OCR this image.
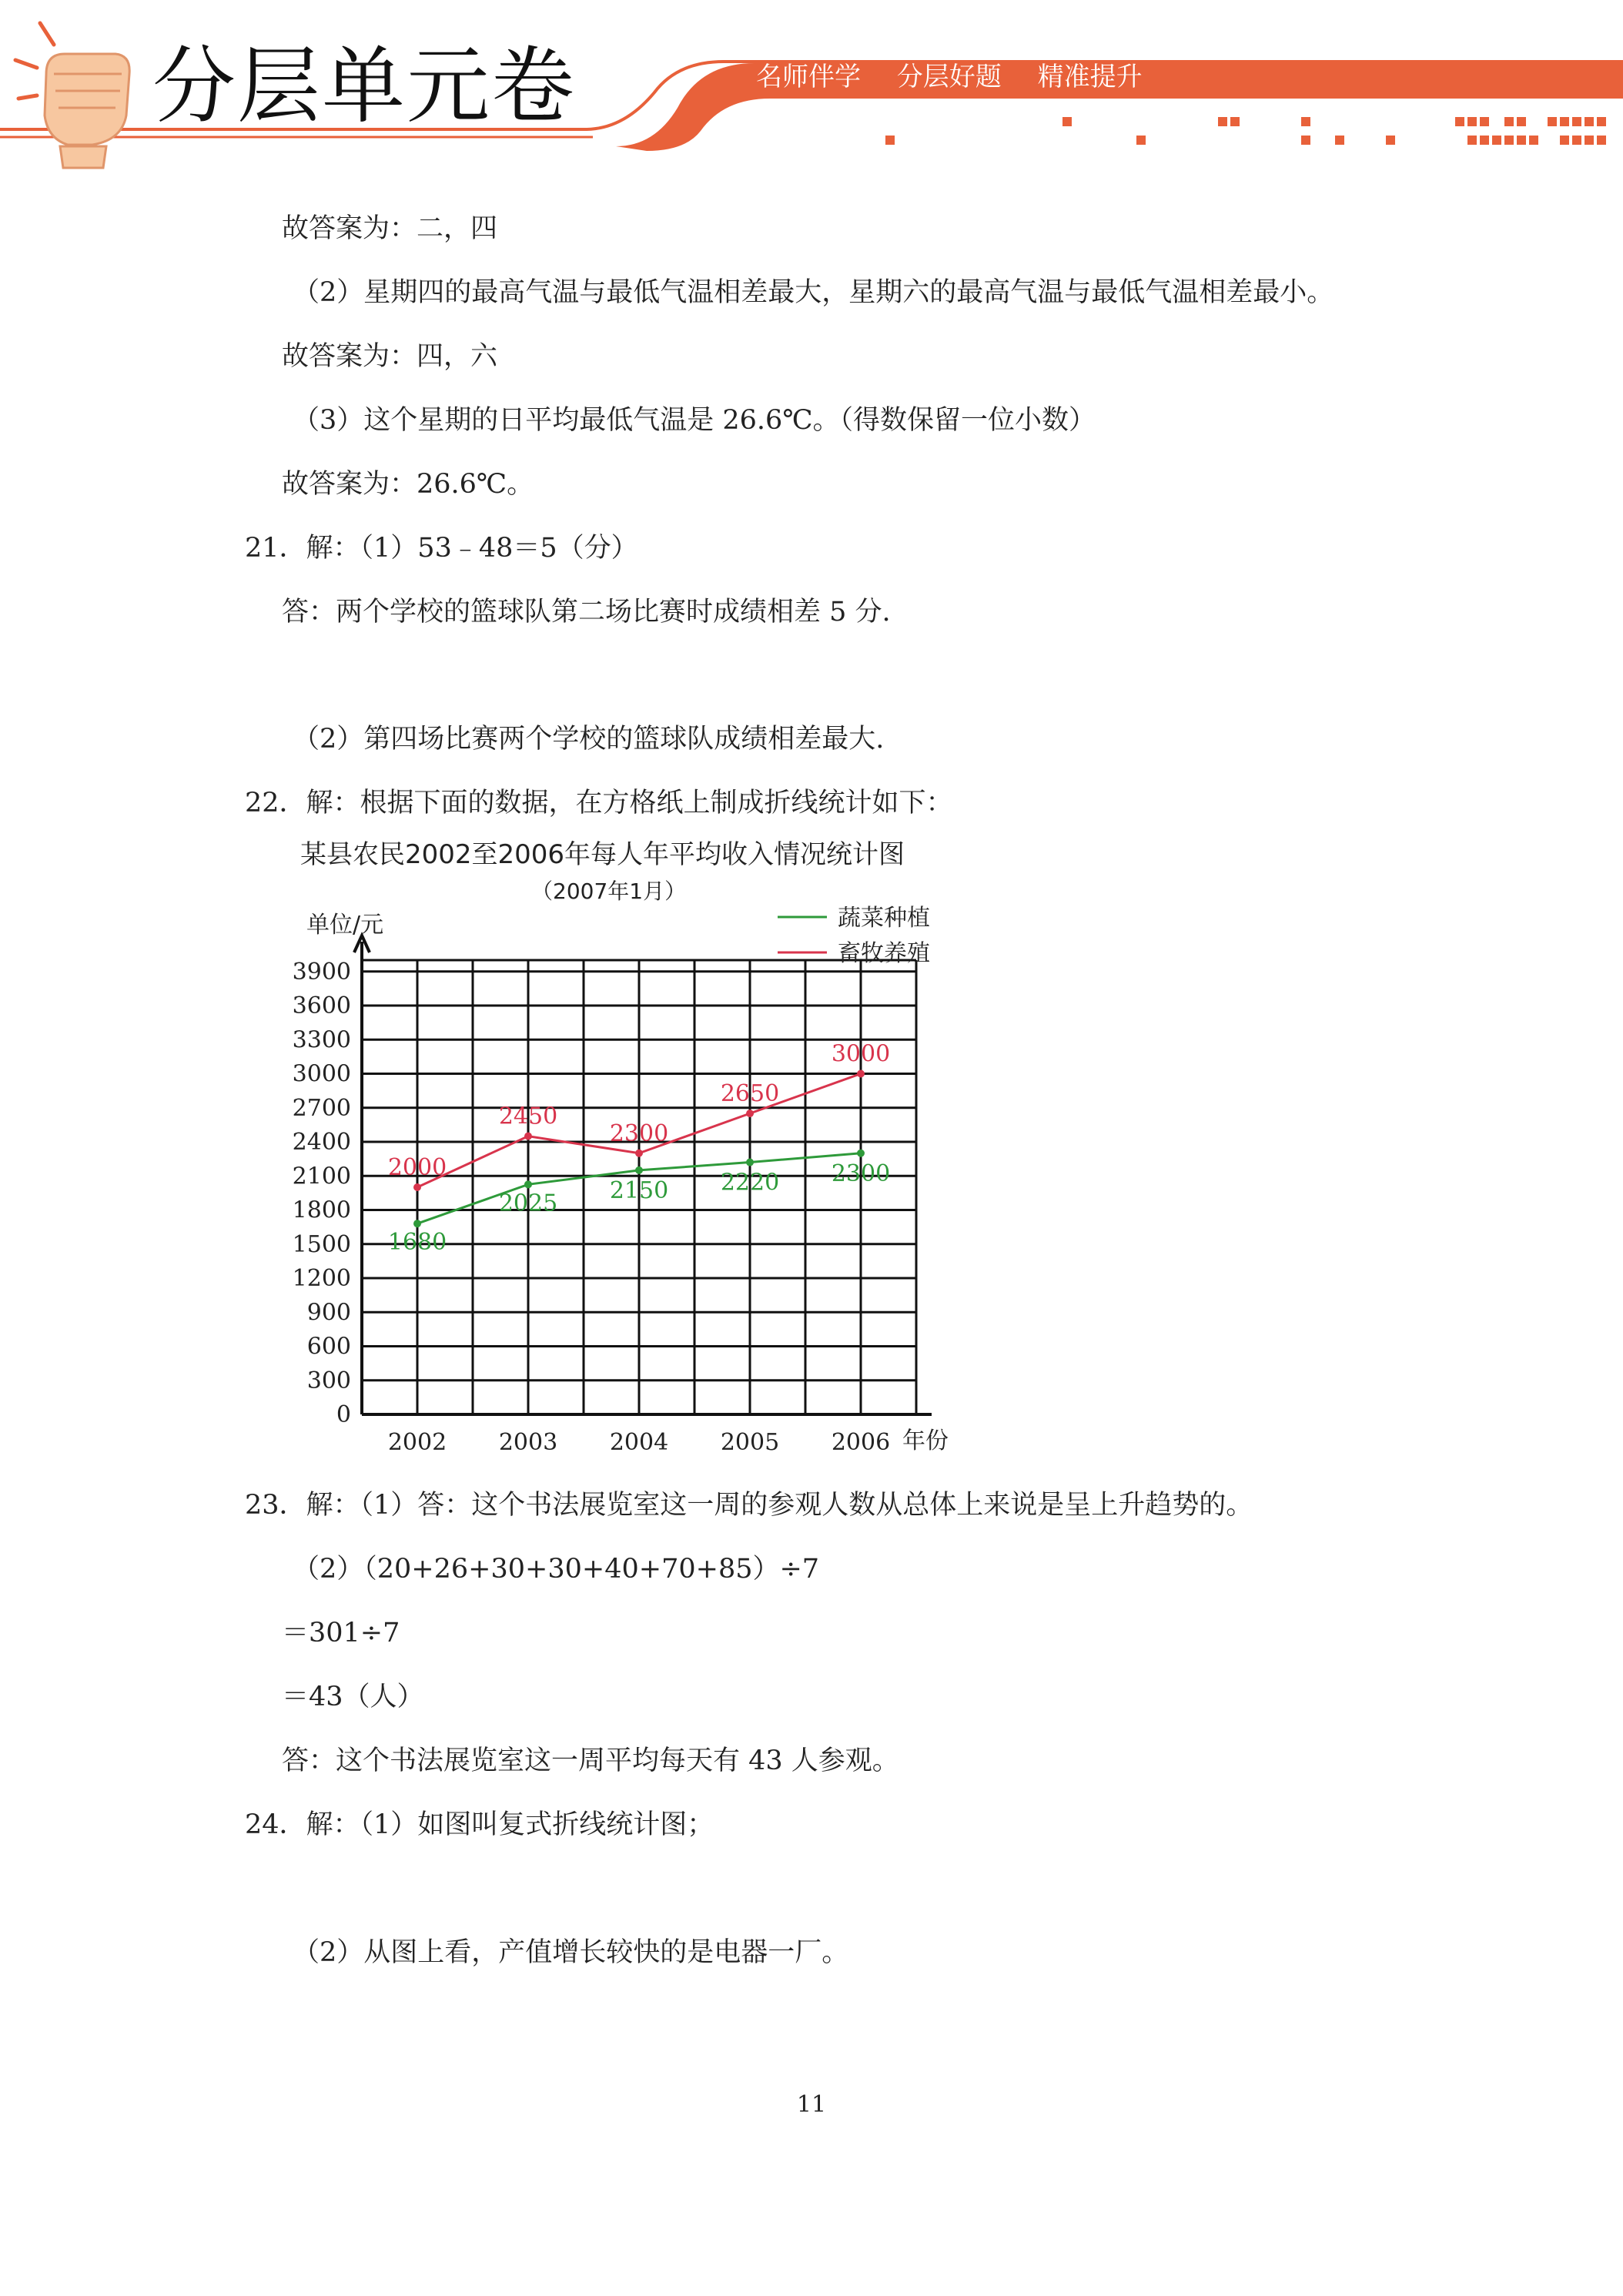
分层单元卷	名师伴学 分层好题 精准提升
故答案为：二，四
（2）星期四的最高气温与最低气温相差最大，星期六的最高气温与最低气温相差最小。
故答案为：四，六
（3）这个星期的日平均最低气温是 26.6℃。（得数保留一位小数）
故答案为：26.6℃。
21．解：（1）53﹣48＝5（分）
答：两个学校的篮球队第二场比赛时成绩相差 5 分.
（2）第四场比赛两个学校的篮球队成绩相差最大.
22．解：根据下面的数据，在方格纸上制成折线统计如下：
某县农民2002至2006年每人年平均收入情况统计图
（2007年1月）
单位/元
年份
0
300
600
900
1200
1500
1800
2100
2400
2700
3000
3300
3600
3900
2002 2003 2004 2005 2006
1680
2025 2150 2220 2300
2000
2450
2300
2650
3000
蔬菜种植
畜牧养殖
23．解：（1）答：这个书法展览室这一周的参观人数从总体上来说是呈上升趋势的。
（2）（20+26+30+30+40+70+85）÷7
＝301÷7
＝43（人）
答：这个书法展览室这一周平均每天有 43 人参观。
24．解：（1）如图叫复式折线统计图；
（2）从图上看，产值增长较快的是电器一厂。
11
